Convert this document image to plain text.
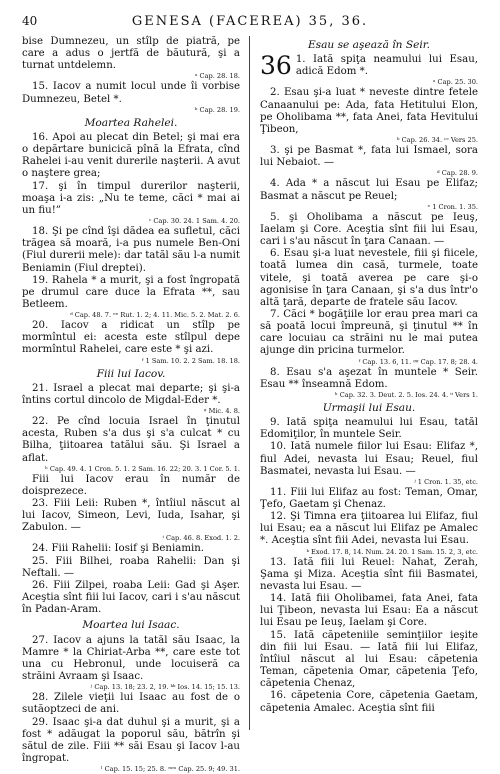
40	GENESA (FACEREA) 35, 36.

bise Dumnezeu, un stîlp de piatră, pe care a adus o jertfă de băutură, şi a turnat untdelemn.

ᵃ Cap. 28. 18.

15. Iacov a numit locul unde îi vorbise Dumnezeu, Betel *.

ᵇ Cap. 28. 19.
Moartea Rahelei.

16. Apoi au plecat din Betel; şi mai era o depărtare bunicică pînă la Efrata, cînd Rahelei i-au venit durerile naşterii. A avut o naştere grea;

17. şi în timpul durerilor naşterii, moaşa i-a zis: „Nu te teme, căci * mai ai un fiu!”

ᶜ Cap. 30. 24. 1 Sam. 4. 20.

18. Şi pe cînd îşi dădea ea sufletul, căci trăgea să moară, i-a pus numele Ben-Oni (Fiul durerii mele): dar tatăl său l-a numit Beniamin (Fiul dreptei).

19. Rahela * a murit, şi a fost îngropată pe drumul care duce la Efrata **, sau Betleem.

ᵈ Cap. 48. 7. ᵉᵉ Rut. 1. 2; 4. 11. Mic. 5. 2. Mat. 2. 6.

20. Iacov a ridicat un stîlp pe mormîntul ei: acesta este stîlpul depe mormîntul Rahelei, care este * şi azi.

ᶠ 1 Sam. 10. 2. 2 Sam. 18. 18.
Fiii lui Iacov.

21. Israel a plecat mai departe; şi şi-a întins cortul dincolo de Migdal-Eder *.

ᵍ Mic. 4. 8.

22. Pe cînd locuia Israel în ţinutul acesta, Ruben s'a dus şi s'a culcat * cu Bilha, ţiitoarea tatălui său. Şi Israel a aflat.

ʰ Cap. 49. 4. 1 Cron. 5. 1. 2 Sam. 16. 22; 20. 3. 1 Cor. 5. 1.

Fiii lui Iacov erau în număr de doisprezece.

23. Fiii Leii: Ruben *, întîiul născut al lui Iacov, Simeon, Levi, Iuda, Isahar, şi Zabulon. —

ⁱ Cap. 46. 8. Exod. 1. 2.

24. Fiii Rahelii: Iosif şi Beniamin.

25. Fiii Bilhei, roaba Rahelii: Dan şi Neftali. —

26. Fiii Zilpei, roaba Leii: Gad şi Aşer. Aceştia sînt fiii lui Iacov, cari i s'au născut în Padan-Aram.

Moartea lui Isaac.

27. Iacov a ajuns la tatăl său Isaac, la Mamre * la Chiriat-Arba **, care este tot una cu Hebronul, unde locuiseră ca străini Avraam şi Isaac.

ʲ Cap. 13. 18; 23. 2, 19. ᵏᵏ Ios. 14. 15; 15. 13.

28. Zilele vieţii lui Isaac au fost de o sutăoptzeci de ani.

29. Isaac şi-a dat duhul şi a murit, şi a fost * adăugat la poporul său, bătrîn şi sătul de zile. Fiii ** săi Esau şi Iacov l-au îngropat.

ˡ Cap. 15. 15; 25. 8. ᵐᵐ Cap. 25. 9; 49. 31.
Esau se aşează în Seir.
36 1. Iată spiţa neamului lui Esau, adică Edom *.

ᵃ Cap. 25. 30.

2. Esau şi-a luat * neveste dintre fetele Canaanului pe: Ada, fata Hetitului Elon, pe Oholibama **, fata Anei, fata Hevitului Ţibeon,

ᵇ Cap. 26. 34. ᶜᶜ Vers 25.

3. şi pe Basmat *, fata lui Ismael, sora lui Nebaiot. —

ᵈ Cap. 28. 9.

4. Ada * a născut lui Esau pe Elifaz; Basmat a născut pe Reuel;

ᵉ 1 Cron. 1. 35.

5. şi Oholibama a născut pe Ieuş, Iaelam şi Core. Aceştia sînt fiii lui Esau, cari i s'au născut în ţara Canaan. —

6. Esau şi-a luat nevestele, fiii şi fiicele, toată lumea din casă, turmele, toate vitele, şi toată averea pe care şi-o agonisise în ţara Canaan, şi s'a dus într'o altă ţară, departe de fratele său Iacov.

7. Căci * bogăţiile lor erau prea mari ca să poată locui împreună, şi ţinutul ** în care locuiau ca străini nu le mai putea ajunge din pricina turmelor.

ᶠ Cap. 13. 6, 11. ᵍᵍ Cap. 17. 8; 28. 4.

8. Esau s'a aşezat în muntele * Seir. Esau ** înseamnă Edom.

ʰ Cap. 32. 3. Deut. 2. 5. Ios. 24. 4. ⁱⁱ Vers 1.
Urmaşii lui Esau.

9. Iată spiţa neamului lui Esau, tatăl Edomiţilor, în muntele Seir.

10. Iată numele fiilor lui Esau: Elifaz *, fiul Adei, nevasta lui Esau; Reuel, fiul Basmatei, nevasta lui Esau. —

ʲ 1 Cron. 1. 35, etc.

11. Fiii lui Elifaz au fost: Teman, Omar, Ţefo, Gaetam şi Chenaz.

12. Şi Timna era ţiitoarea lui Elifaz, fiul lui Esau; ea a născut lui Elifaz pe Amalec *. Aceştia sînt fiii Adei, nevasta lui Esau.

ᵏ Exod. 17. 8, 14. Num. 24. 20. 1 Sam. 15. 2, 3, etc.

13. Iată fiii lui Reuel: Nahat, Zerah, Şama şi Miza. Aceştia sînt fiii Basmatei, nevasta lui Esau. —

14. Iată fiii Oholibamei, fata Anei, fata lui Ţibeon, nevasta lui Esau: Ea a născut lui Esau pe Ieuş, Iaelam şi Core.

15. Iată căpeteniile seminţiilor ieşite din fiii lui Esau. — Iată fiii lui Elifaz, întîiul născut al lui Esau: căpetenia Teman, căpetenia Omar, căpetenia Ţefo, căpetenia Chenaz,

16. căpetenia Core, căpetenia Gaetam, căpetenia Amalec. Aceştia sînt fiii
